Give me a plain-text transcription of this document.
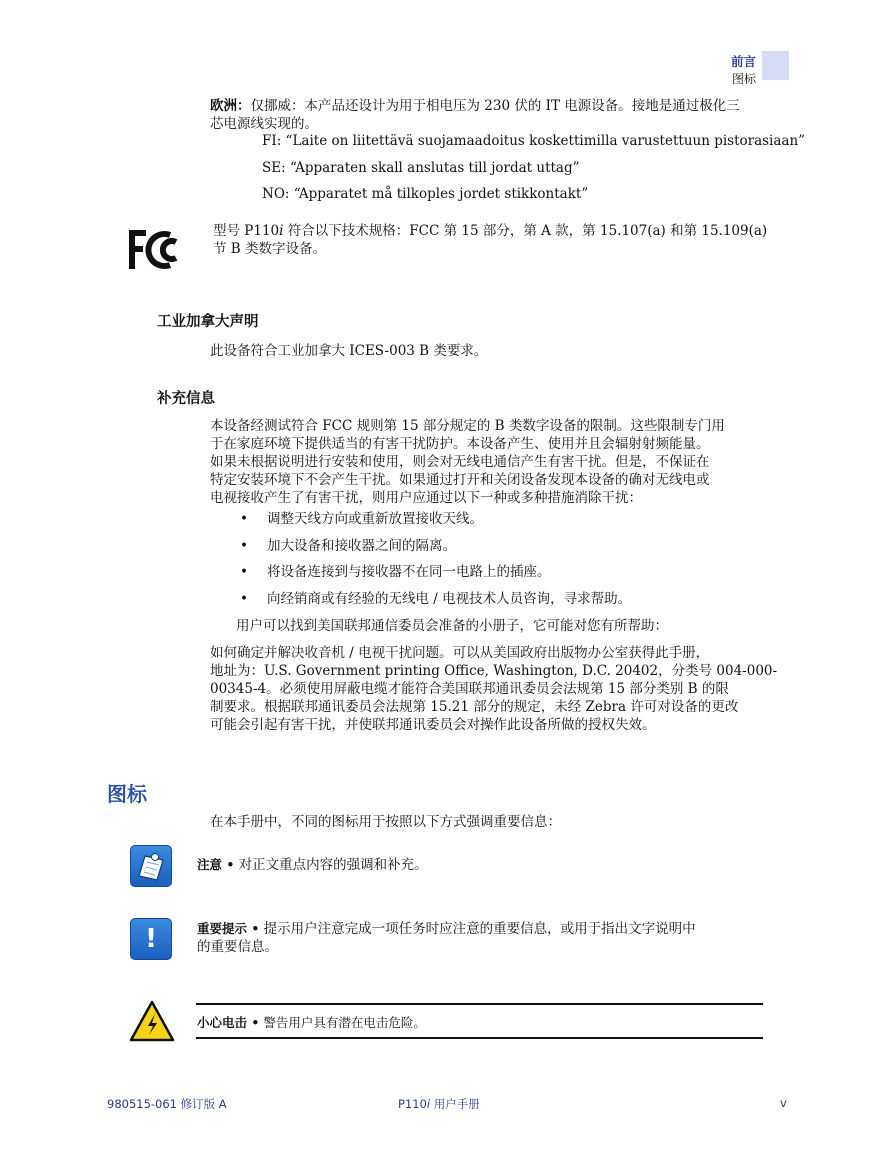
前言
图标
欧洲：仅挪威：本产品还设计为用于相电压为 230 伏的 IT 电源设备。接地是通过极化三
芯电源线实现的。
FI: “Laite on liitettävä suojamaadoitus koskettimilla varustettuun pistorasiaan”
SE: “Apparaten skall anslutas till jordat uttag”
NO: “Apparatet må tilkoples jordet stikkontakt”
型号 P110i 符合以下技术规格：FCC 第 15 部分，第 A 款，第 15.107(a) 和第 15.109(a)
节 B 类数字设备。
工业加拿大声明
此设备符合工业加拿大 ICES-003 B 类要求。
补充信息
本设备经测试符合 FCC 规则第 15 部分规定的 B 类数字设备的限制。这些限制专门用
于在家庭环境下提供适当的有害干扰防护。本设备产生、使用并且会辐射射频能量。
如果未根据说明进行安装和使用，则会对无线电通信产生有害干扰。但是，不保证在
特定安装环境下不会产生干扰。如果通过打开和关闭设备发现本设备的确对无线电或
电视接收产生了有害干扰，则用户应通过以下一种或多种措施消除干扰：
• 调整天线方向或重新放置接收天线。
• 加大设备和接收器之间的隔离。
• 将设备连接到与接收器不在同一电路上的插座。
• 向经销商或有经验的无线电 / 电视技术人员咨询，寻求帮助。
用户可以找到美国联邦通信委员会准备的小册子，它可能对您有所帮助：
如何确定并解决收音机 / 电视干扰问题。可以从美国政府出版物办公室获得此手册，
地址为：U.S. Government printing Office, Washington, D.C. 20402，分类号 004-000-
00345-4。必须使用屏蔽电缆才能符合美国联邦通讯委员会法规第 15 部分类别 B 的限
制要求。根据联邦通讯委员会法规第 15.21 部分的规定，未经 Zebra 许可对设备的更改
可能会引起有害干扰，并使联邦通讯委员会对操作此设备所做的授权失效。
图标
在本手册中，不同的图标用于按照以下方式强调重要信息：
注意 • 对正文重点内容的强调和补充。
!	重要提示 • 提示用户注意完成一项任务时应注意的重要信息，或用于指出文字说明中
的重要信息。
小心电击 • 警告用户具有潜在电击危险。
980515-061 修订版 A	P110i 用户手册	v
